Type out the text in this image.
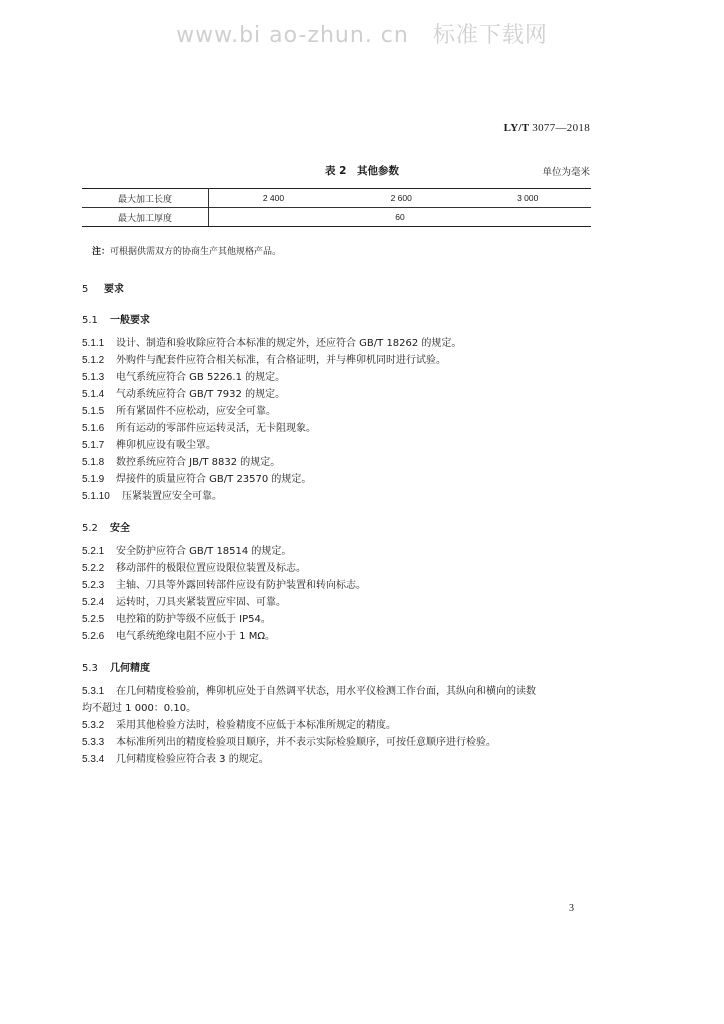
www.bi ao-zhun. cn 标准下载网
LY/T 3077—2018
表 2　其他参数	单位为毫米
最大加工长度	2 400	2 600	3 000
最大加工厚度	60		
注：可根据供需双方的协商生产其他规格产品。
5 要求
5.1 一般要求
5.1.1 设计、制造和验收除应符合本标准的规定外，还应符合 GB/T 18262 的规定。
5.1.2 外购件与配套件应符合相关标准，有合格证明，并与榫卯机同时进行试验。
5.1.3 电气系统应符合 GB 5226.1 的规定。
5.1.4 气动系统应符合 GB/T 7932 的规定。
5.1.5 所有紧固件不应松动，应安全可靠。
5.1.6 所有运动的零部件应运转灵活，无卡阻现象。
5.1.7 榫卯机应设有吸尘罩。
5.1.8 数控系统应符合 JB/T 8832 的规定。
5.1.9 焊接件的质量应符合 GB/T 23570 的规定。
5.1.10 压紧装置应安全可靠。
5.2 安全
5.2.1 安全防护应符合 GB/T 18514 的规定。
5.2.2 移动部件的极限位置应设限位装置及标志。
5.2.3 主轴、刀具等外露回转部件应设有防护装置和转向标志。
5.2.4 运转时，刀具夹紧装置应牢固、可靠。
5.2.5 电控箱的防护等级不应低于 IP54。
5.2.6 电气系统绝缘电阻不应小于 1 MΩ。
5.3 几何精度
5.3.1 在几何精度检验前，榫卯机应处于自然调平状态，用水平仪检测工作台面，其纵向和横向的读数
均不超过 1 000：0.10。
5.3.2 采用其他检验方法时，检验精度不应低于本标准所规定的精度。
5.3.3 本标准所列出的精度检验项目顺序，并不表示实际检验顺序，可按任意顺序进行检验。
5.3.4 几何精度检验应符合表 3 的规定。
3
